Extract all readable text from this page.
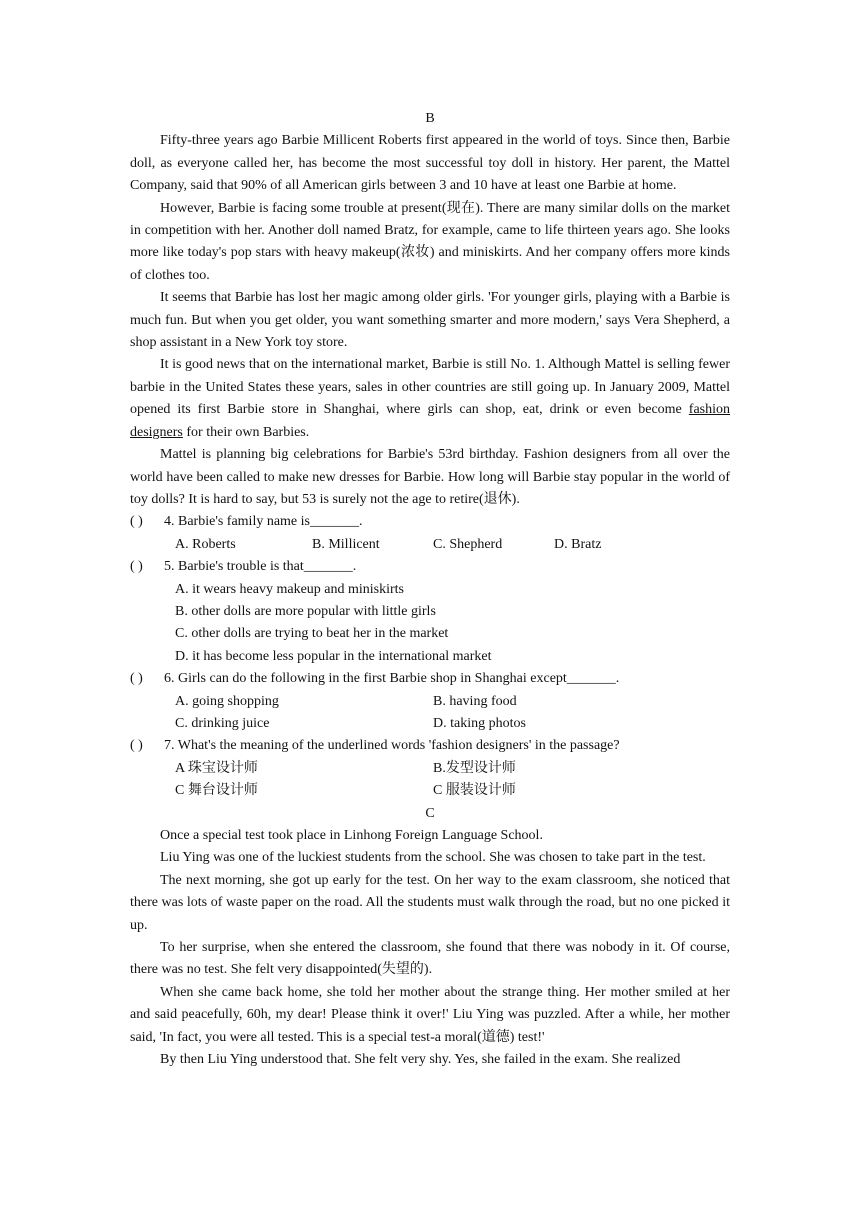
B

Fifty-three years ago Barbie Millicent Roberts first appeared in the world of toys. Since then, Barbie doll, as everyone called her, has become the most successful toy doll in history. Her parent, the Mattel Company, said that 90% of all American girls between 3 and 10 have at least one Barbie at home.

However, Barbie is facing some trouble at present(现在). There are many similar dolls on the market in competition with her. Another doll named Bratz, for example, came to life thirteen years ago. She looks more like today's pop stars with heavy makeup(浓妆) and miniskirts. And her company offers more kinds of clothes too.

It seems that Barbie has lost her magic among older girls. 'For younger girls, playing with a Barbie is much fun. But when you get older, you want something smarter and more modern,' says Vera Shepherd, a shop assistant in a New York toy store.

It is good news that on the international market, Barbie is still No. 1. Although Mattel is selling fewer barbie in the United States these years, sales in other countries are still going up. In January 2009, Mattel opened its first Barbie store in Shanghai, where girls can shop, eat, drink or even become fashion designers for their own Barbies.

Mattel is planning big celebrations for Barbie's 53rd birthday. Fashion designers from all over the world have been called to make new dresses for Barbie. How long will Barbie stay popular in the world of toy dolls? It is hard to say, but 53 is surely not the age to retire(退休).

( ) 4. Barbie's family name is_______.
A. Roberts	B. Millicent	C. Shepherd	D. Bratz
( ) 5. Barbie's trouble is that_______.
A. it wears heavy makeup and miniskirts
B. other dolls are more popular with little girls
C. other dolls are trying to beat her in the market
D. it has become less popular in the international market
( ) 6. Girls can do the following in the first Barbie shop in Shanghai except_______.
A. going shopping	B. having food
C. drinking juice	D. taking photos
( ) 7. What's the meaning of the underlined words 'fashion designers' in the passage?
A 珠宝设计师	B.发型设计师
C 舞台设计师	C 服装设计师
C

Once a special test took place in Linhong Foreign Language School.

Liu Ying was one of the luckiest students from the school. She was chosen to take part in the test.

The next morning, she got up early for the test. On her way to the exam classroom, she noticed that there was lots of waste paper on the road. All the students must walk through the road, but no one picked it up.

To her surprise, when she entered the classroom, she found that there was nobody in it. Of course, there was no test. She felt very disappointed(失望的).

When she came back home, she told her mother about the strange thing. Her mother smiled at her and said peacefully, 60h, my dear! Please think it over!' Liu Ying was puzzled. After a while, her mother said, 'In fact, you were all tested. This is a special test-a moral(道德) test!'

By then Liu Ying understood that. She felt very shy. Yes, she failed in the exam. She realized
